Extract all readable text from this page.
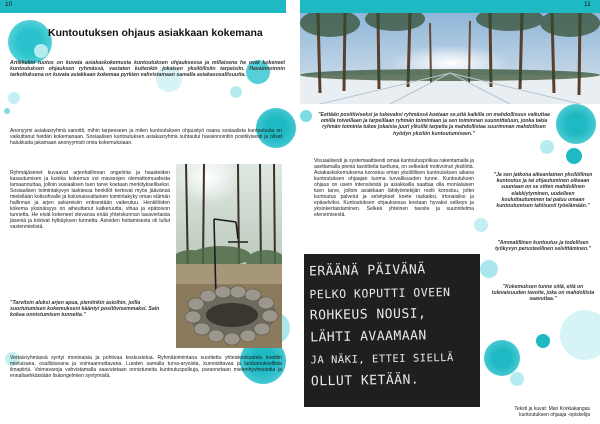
10
Kuntoutuksen ohjaus asiakkaan kokemana
Artikkelini tuotos on kuvata asiakaskokemusta kuntoutuksen ohjauksessa ja millaisena he ovat kokeneet kuntoutuksen ohjauksen ryhmässä, vastaten kuitenkin jokaisen yksilöllisiin tarpeisiin. Havainnoinnin tarkoituksena on kuvata asiakkaan kokemaa pyrkien vahvistamaan samalla asiakasosallisuutta.
Anonyymi asiakasryhmä sanoitti, mihin tarpeeseen ja miten kuntoutuksen ohjaustyö osana sosiaalista kuntoutusta on vaikuttanut heidän kokemanaan. Sosiaalisen kuntoutuksen asiakasryhmä suhtautui havainnointiin positiivisesti ja olivat halukkaita jakamaan anonyymisti omia kokemuksiaan.
Ryhmäjäsenet kuvaavat arjenhallinnan ongelmia ja haasteiden kasautumisen ja kuinka kokemus voi mavarojen olemattomuudesta lamaannuttaa, jolloin sosiaalisen tuen tarve koetaan merkitykselliseksi. Sosiaalisen toimintakyvyn laskiessa henkilöt kertovat myös jäävänsä mielellään kotisohvalle ja kokonaisvaltainen toimintakyky oman elämän hallinnan ja arjen askareisiin entisestään vaikeutuu. Henkilöiden kokema yksinäisyys on aiheuttanut katkeruutta, vihaa ja epätoivon tunnetta. He eivät kokeneet olevansa enää yhteiskunnan tasavertaisia jäseniä ja kokivat hylkäyksen tunnetta. Asioiden hoitamisesta oli tullut vastenmielistä.
"Tarvitsin aluksi arjen apua, pieniinkin asioihin, joilla suoriutumisen kokemukseni kääntyi positiivisemmaksi. Sain kokea onnistumisen tunnetta."
Vertaisryhmässä syntyi moninaisia ja pohtivaa keskustelua. Ryhmätoimintana suoritettu yhteiskeskustelu koettiin mieluisana, osallistavana ja voimaannuttavana. Luoden samalla turva-aryoista, kunnioittavaa ja luottamuksellista ilmapiiriä. Voimavaroja vahvistamalla saavutetaan onnistuneita kuntoutuspolkuja, parannetaan mielenhyvinvointia ja ennaltaehkäistään lisäongelmien syntymistä.
11
"Eettään positiiviseksi ja tukevaksi ryhmässä koetaan se,että kaikilla on mahdollisuus vaikuttaa omilla toiveillaan ja tarpeillaan ryhmän toimintaan ja sen toiminnan suunnitteluun, jonka takia ryhmän toiminta tukee jokaista juuri ylksillä tarpeita ja mahdollistaa suurimman mahdollisen hyödyn yksilön kuntoutumiseen."
Visuaalisesti ja systemaattisesti omaa kuntoutuspolkua rakentamalla ja asettamalla pieniä tavoitteita tuettuna, on selkeästi motivoinut yksilöitä. Asiakaskokemuksena korostuu oman yksilöllisen kuntoutuksen aikana kuntoutuksen ohjaajan tuoma turvallisuuden tunne. Kuntoutuksen ohjaus on usein intensiivistä ja asiakkailla saattaa olla monialaisen tuen tarve, jolloin asiakkaan lähityöntekijän roolii korostuu, jottei kuntoutus palvelut ja selvitykset koete raskaiksi, irtonaisiksi ja epäselviksi. Kuntoutuksen ohjauksessa koetaan hyvaksi selkeys ja yksinkertaistaminen. Selkeä yhteinen tavoite ja suunnitelma etenemisestä.
"Ja sen jatkona aikeanlainen yksilöllinen kuntoutus ja tai ohjautuminen oikeaan suuntaan on se sitten mahdollinen elakkiytyminen, uudelleen kouluttautuminen tai paluu omaan kuntoutumisen tahlisesti työelämään."
"Ammatillinen kuntoutus ja todellisen työkyvyn perusteellinen selvittäminen."
"Kokemuksen tunne siitä, että on tulevaisuuden tavoite, joka on mahdollista saavuttaa."
ERÄÄNÄ PÄIVÄNÄ
PELKO KOPUTTI OVEEN
ROHKEUS NOUSI,
LÄHTI AVAAMAAN
JA NÄKI, ETTEI SIELLÄ
OLLUT KETÄÄN.
Teksti ja kuvat: Mari Korkiakangas kuntoutuksen ohjaaja -opiskelija
